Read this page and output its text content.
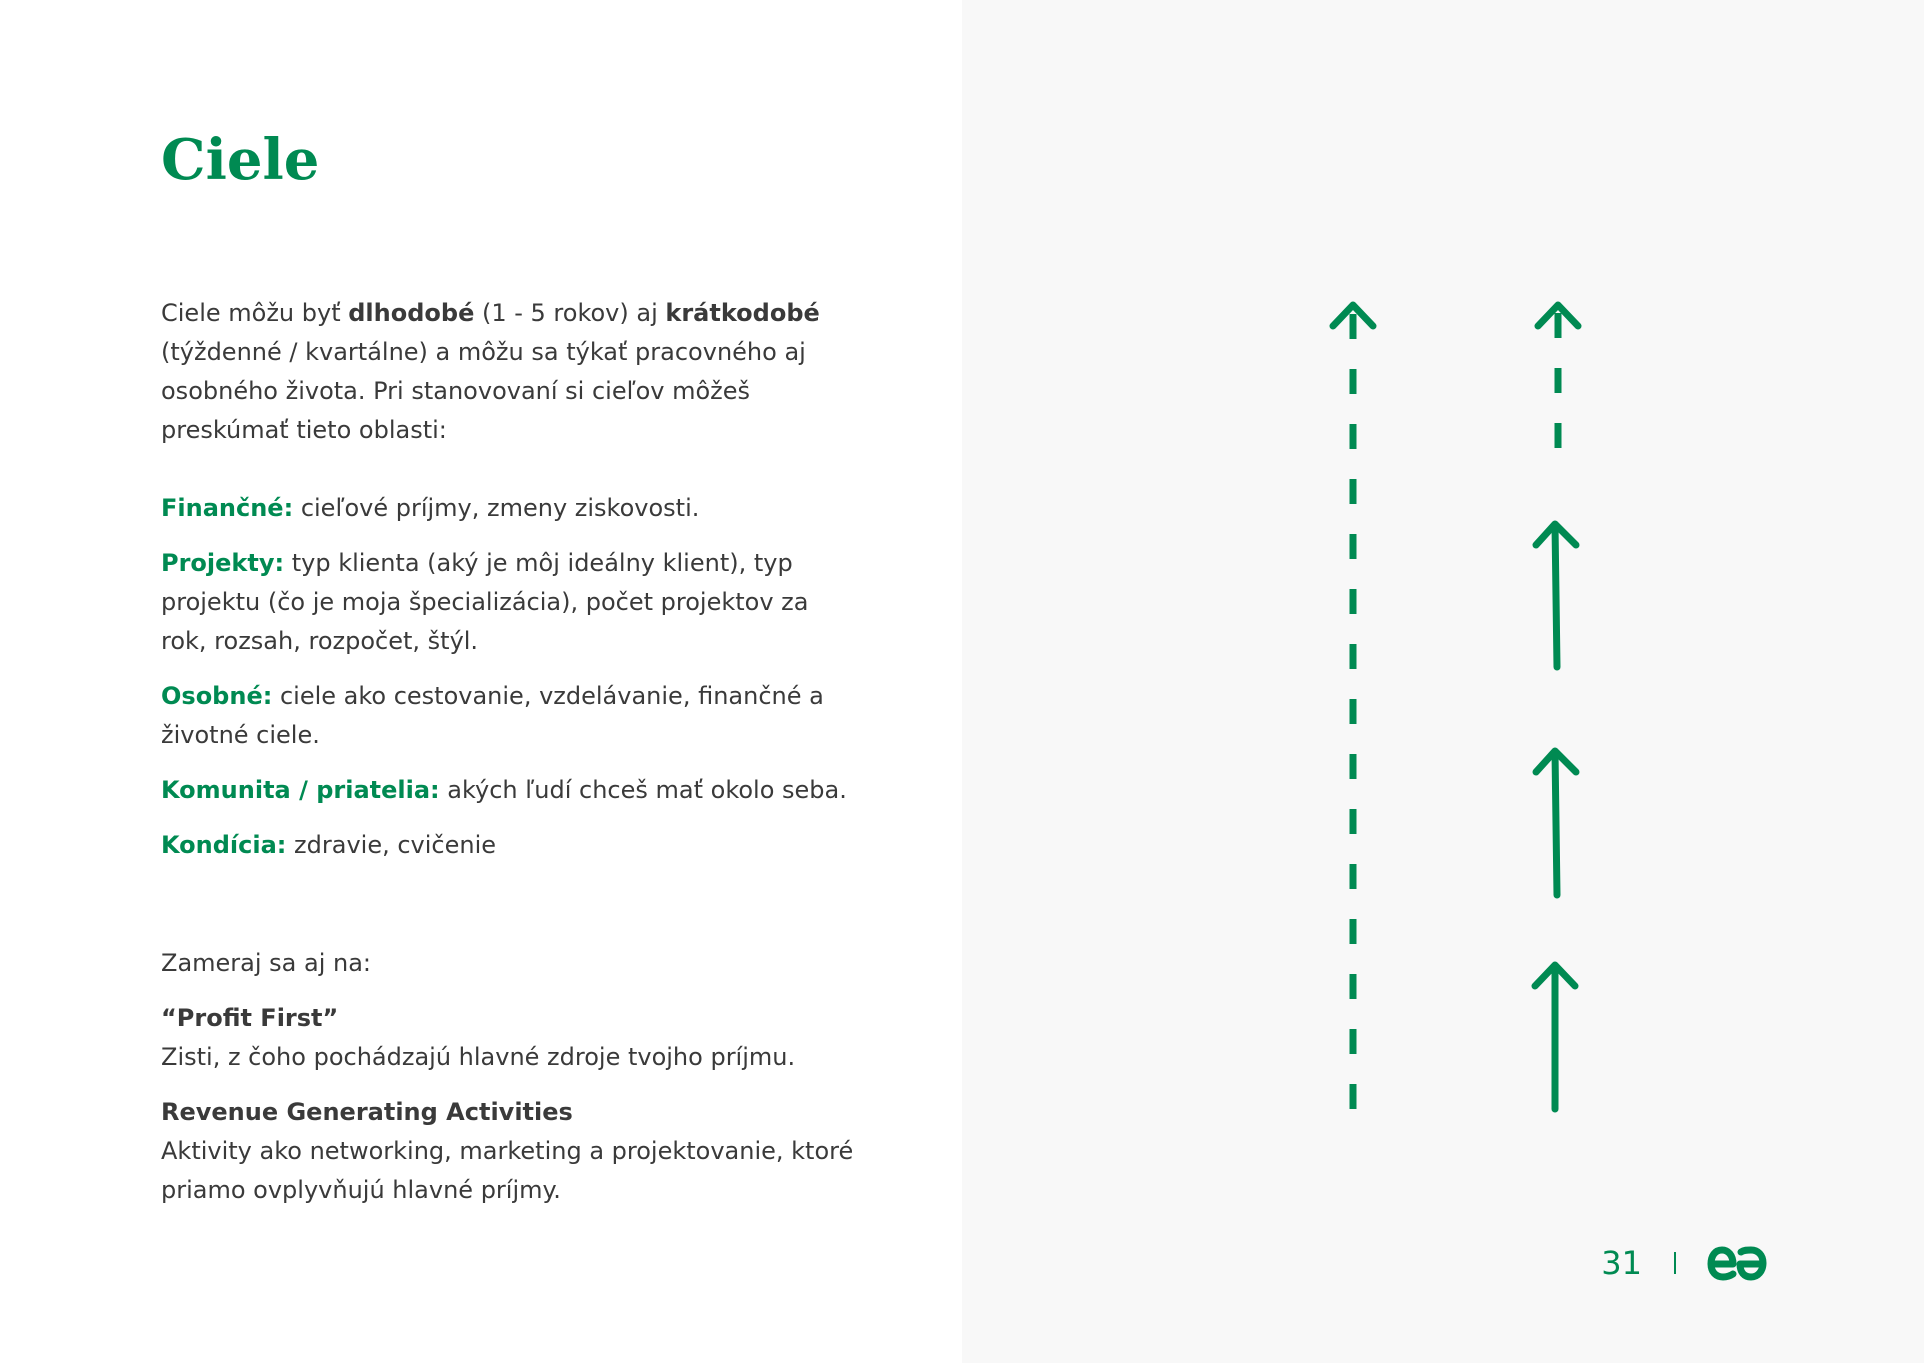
Ciele

Ciele môžu byť dlhodobé (1 - 5 rokov) aj krátkodobé (týždenné / kvartálne) a môžu sa týkať pracovného aj osobného života. Pri stanovovaní si cieľov môžeš preskúmať tieto oblasti:

Finančné: cieľové príjmy, zmeny ziskovosti.

Projekty: typ klienta (aký je môj ideálny klient), typ projektu (čo je moja špecializácia), počet projektov za rok, rozsah, rozpočet, štýl.

Osobné: ciele ako cestovanie, vzdelávanie, finančné a životné ciele.

Komunita / priatelia: akých ľudí chceš mať okolo seba.

Kondícia: zdravie, cvičenie

Zameraj sa aj na:

“Profit First”
Zisti, z čoho pochádzajú hlavné zdroje tvojho príjmu.

Revenue Generating Activities
Aktivity ako networking, marketing a projektovanie, ktoré priamo ovplyvňujú hlavné príjmy.

31
